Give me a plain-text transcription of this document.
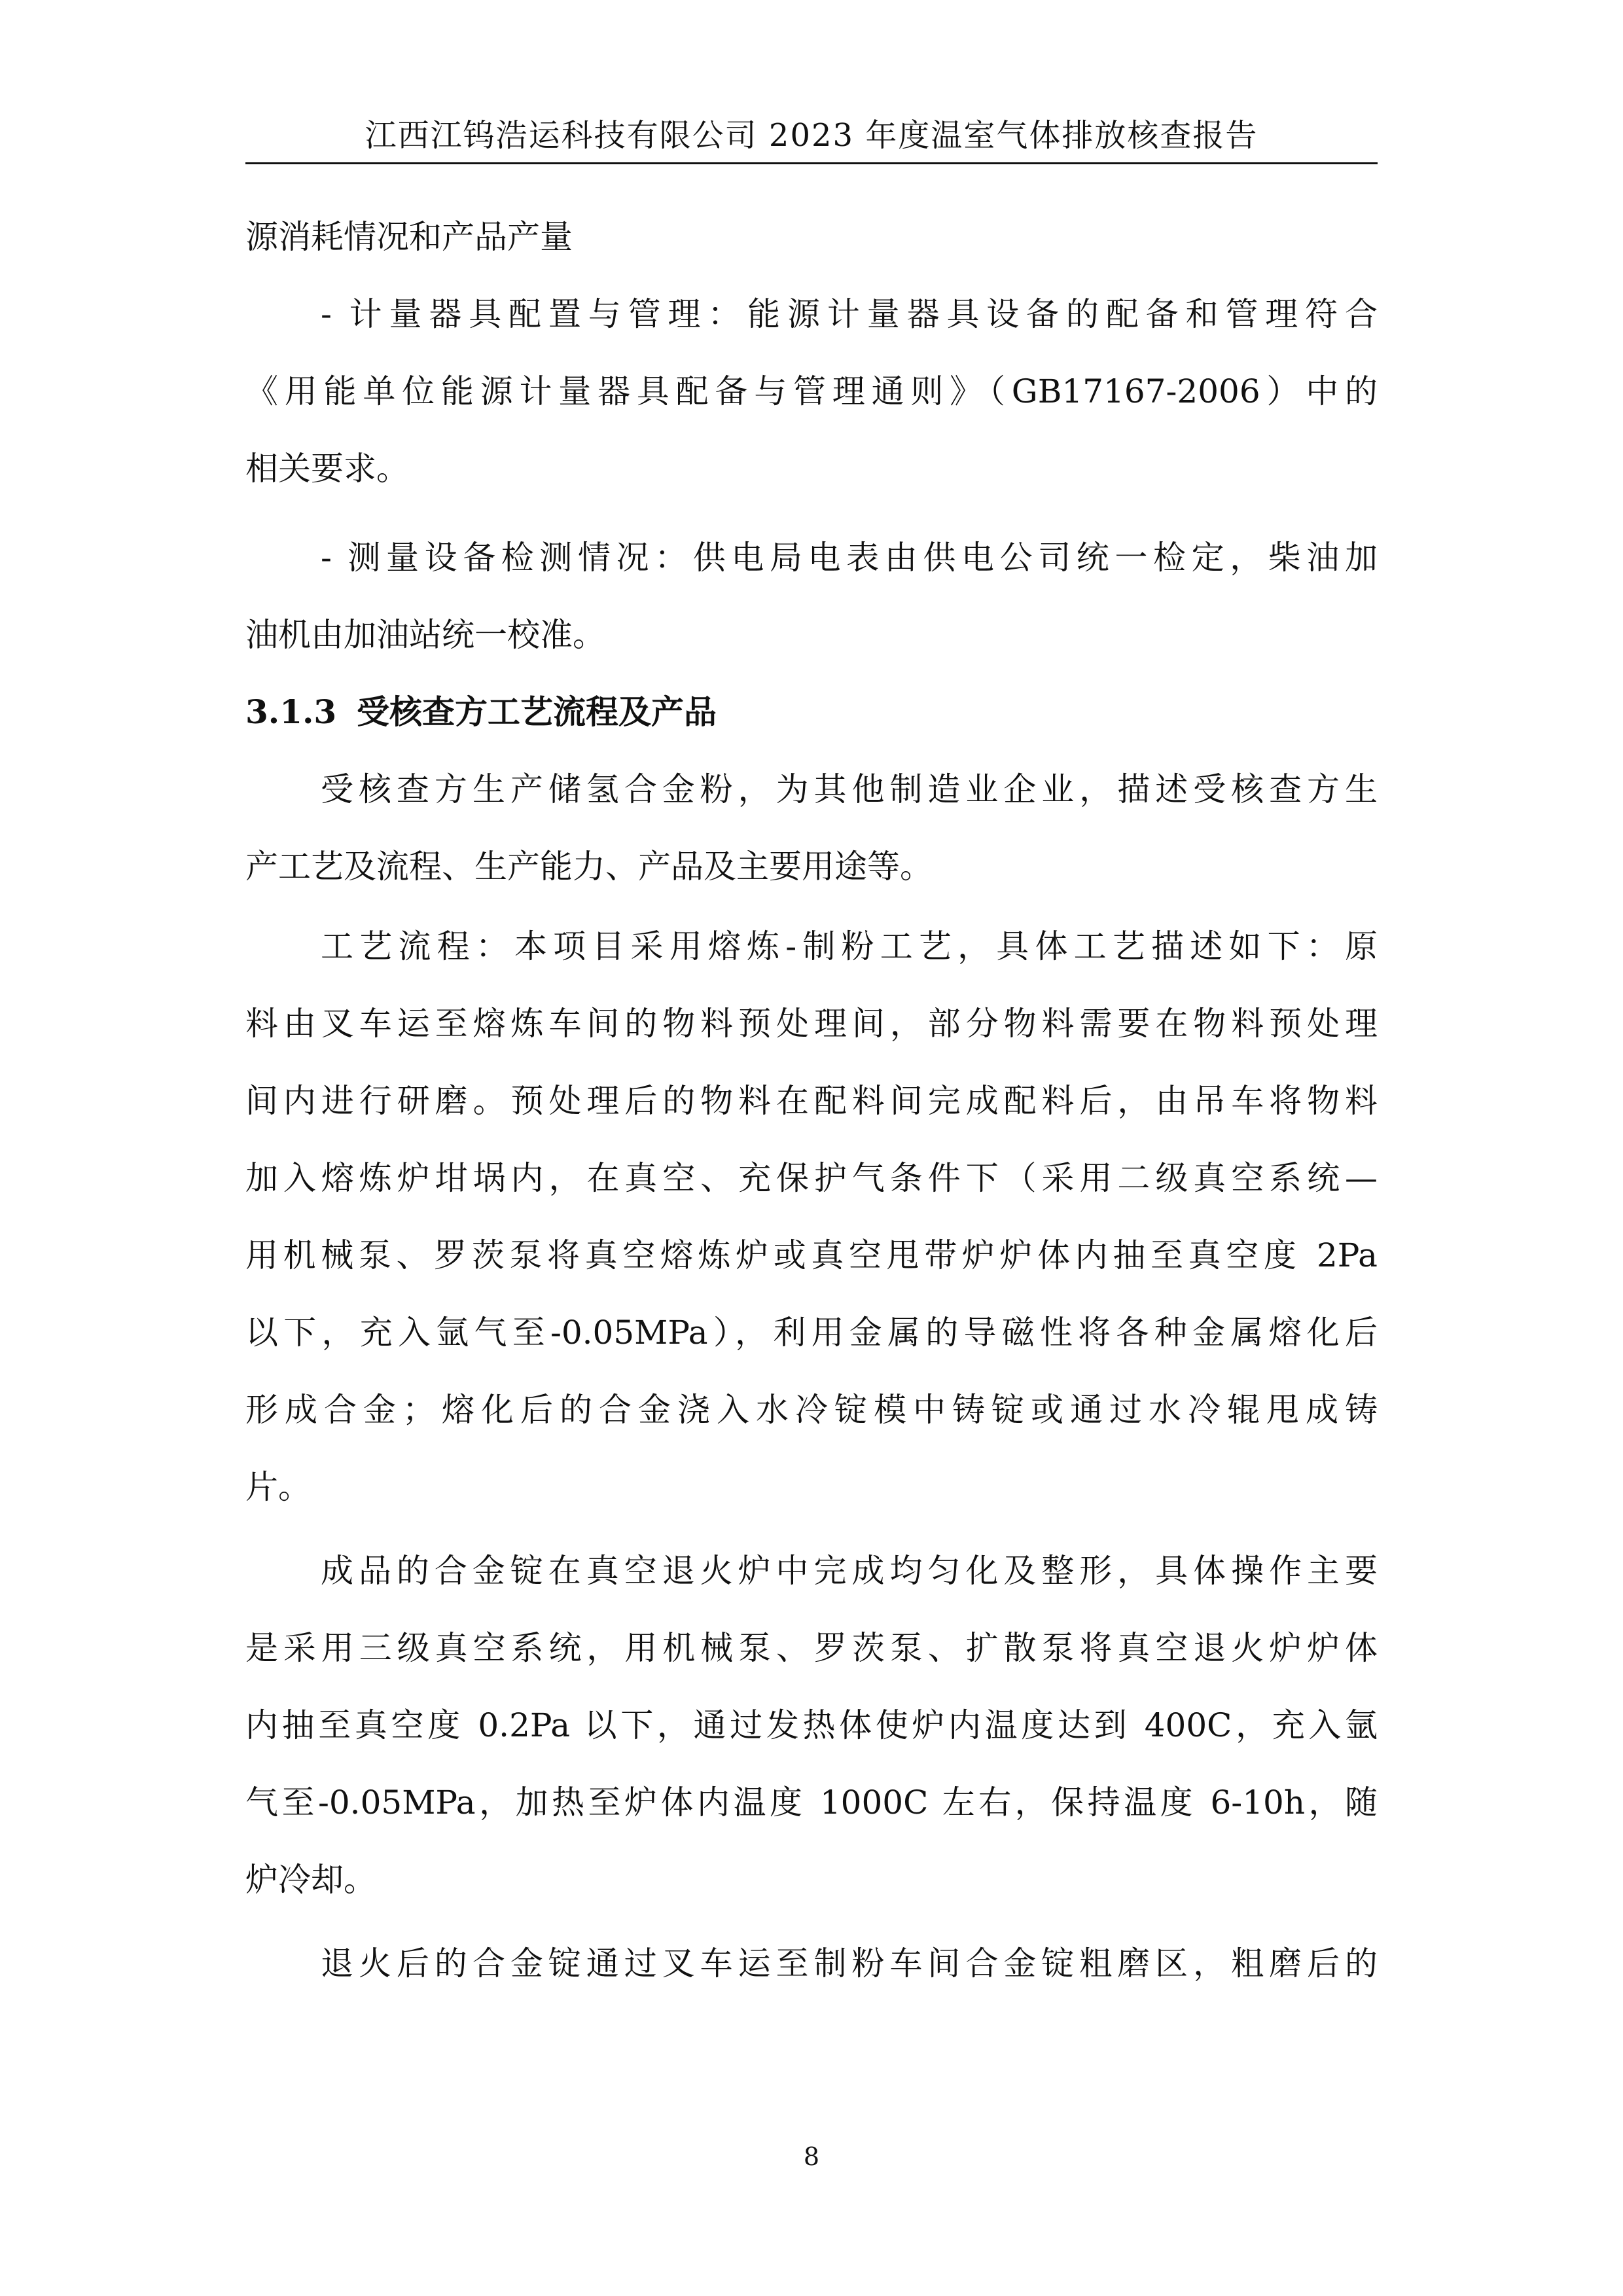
江西江钨浩运科技有限公司 2023 年度温室气体排放核查报告
源消耗情况和产品产量
- 计量器具配置与管理：能源计量器具设备的配备和管理符合
《用能单位能源计量器具配备与管理通则》（GB17167-2006）中的
相关要求。
- 测量设备检测情况：供电局电表由供电公司统一检定，柴油加
油机由加油站统一校准。
3.1.3 受核查方工艺流程及产品
受核查方生产储氢合金粉，为其他制造业企业，描述受核查方生
产工艺及流程、生产能力、产品及主要用途等。
工艺流程：本项目采用熔炼-制粉工艺，具体工艺描述如下：原
料由叉车运至熔炼车间的物料预处理间，部分物料需要在物料预处理
间内进行研磨。预处理后的物料在配料间完成配料后，由吊车将物料
加入熔炼炉坩埚内，在真空、充保护气条件下（采用二级真空系统—
用机械泵、罗茨泵将真空熔炼炉或真空甩带炉炉体内抽至真空度 2Pa
以下，充入氩气至-0.05MPa），利用金属的导磁性将各种金属熔化后
形成合金；熔化后的合金浇入水冷锭模中铸锭或通过水冷辊甩成铸
片。
成品的合金锭在真空退火炉中完成均匀化及整形，具体操作主要
是采用三级真空系统，用机械泵、罗茨泵、扩散泵将真空退火炉炉体
内抽至真空度 0.2Pa 以下，通过发热体使炉内温度达到 400C，充入氩
气至-0.05MPa，加热至炉体内温度 1000C 左右，保持温度 6-10h，随
炉冷却。
退火后的合金锭通过叉车运至制粉车间合金锭粗磨区，粗磨后的
8
